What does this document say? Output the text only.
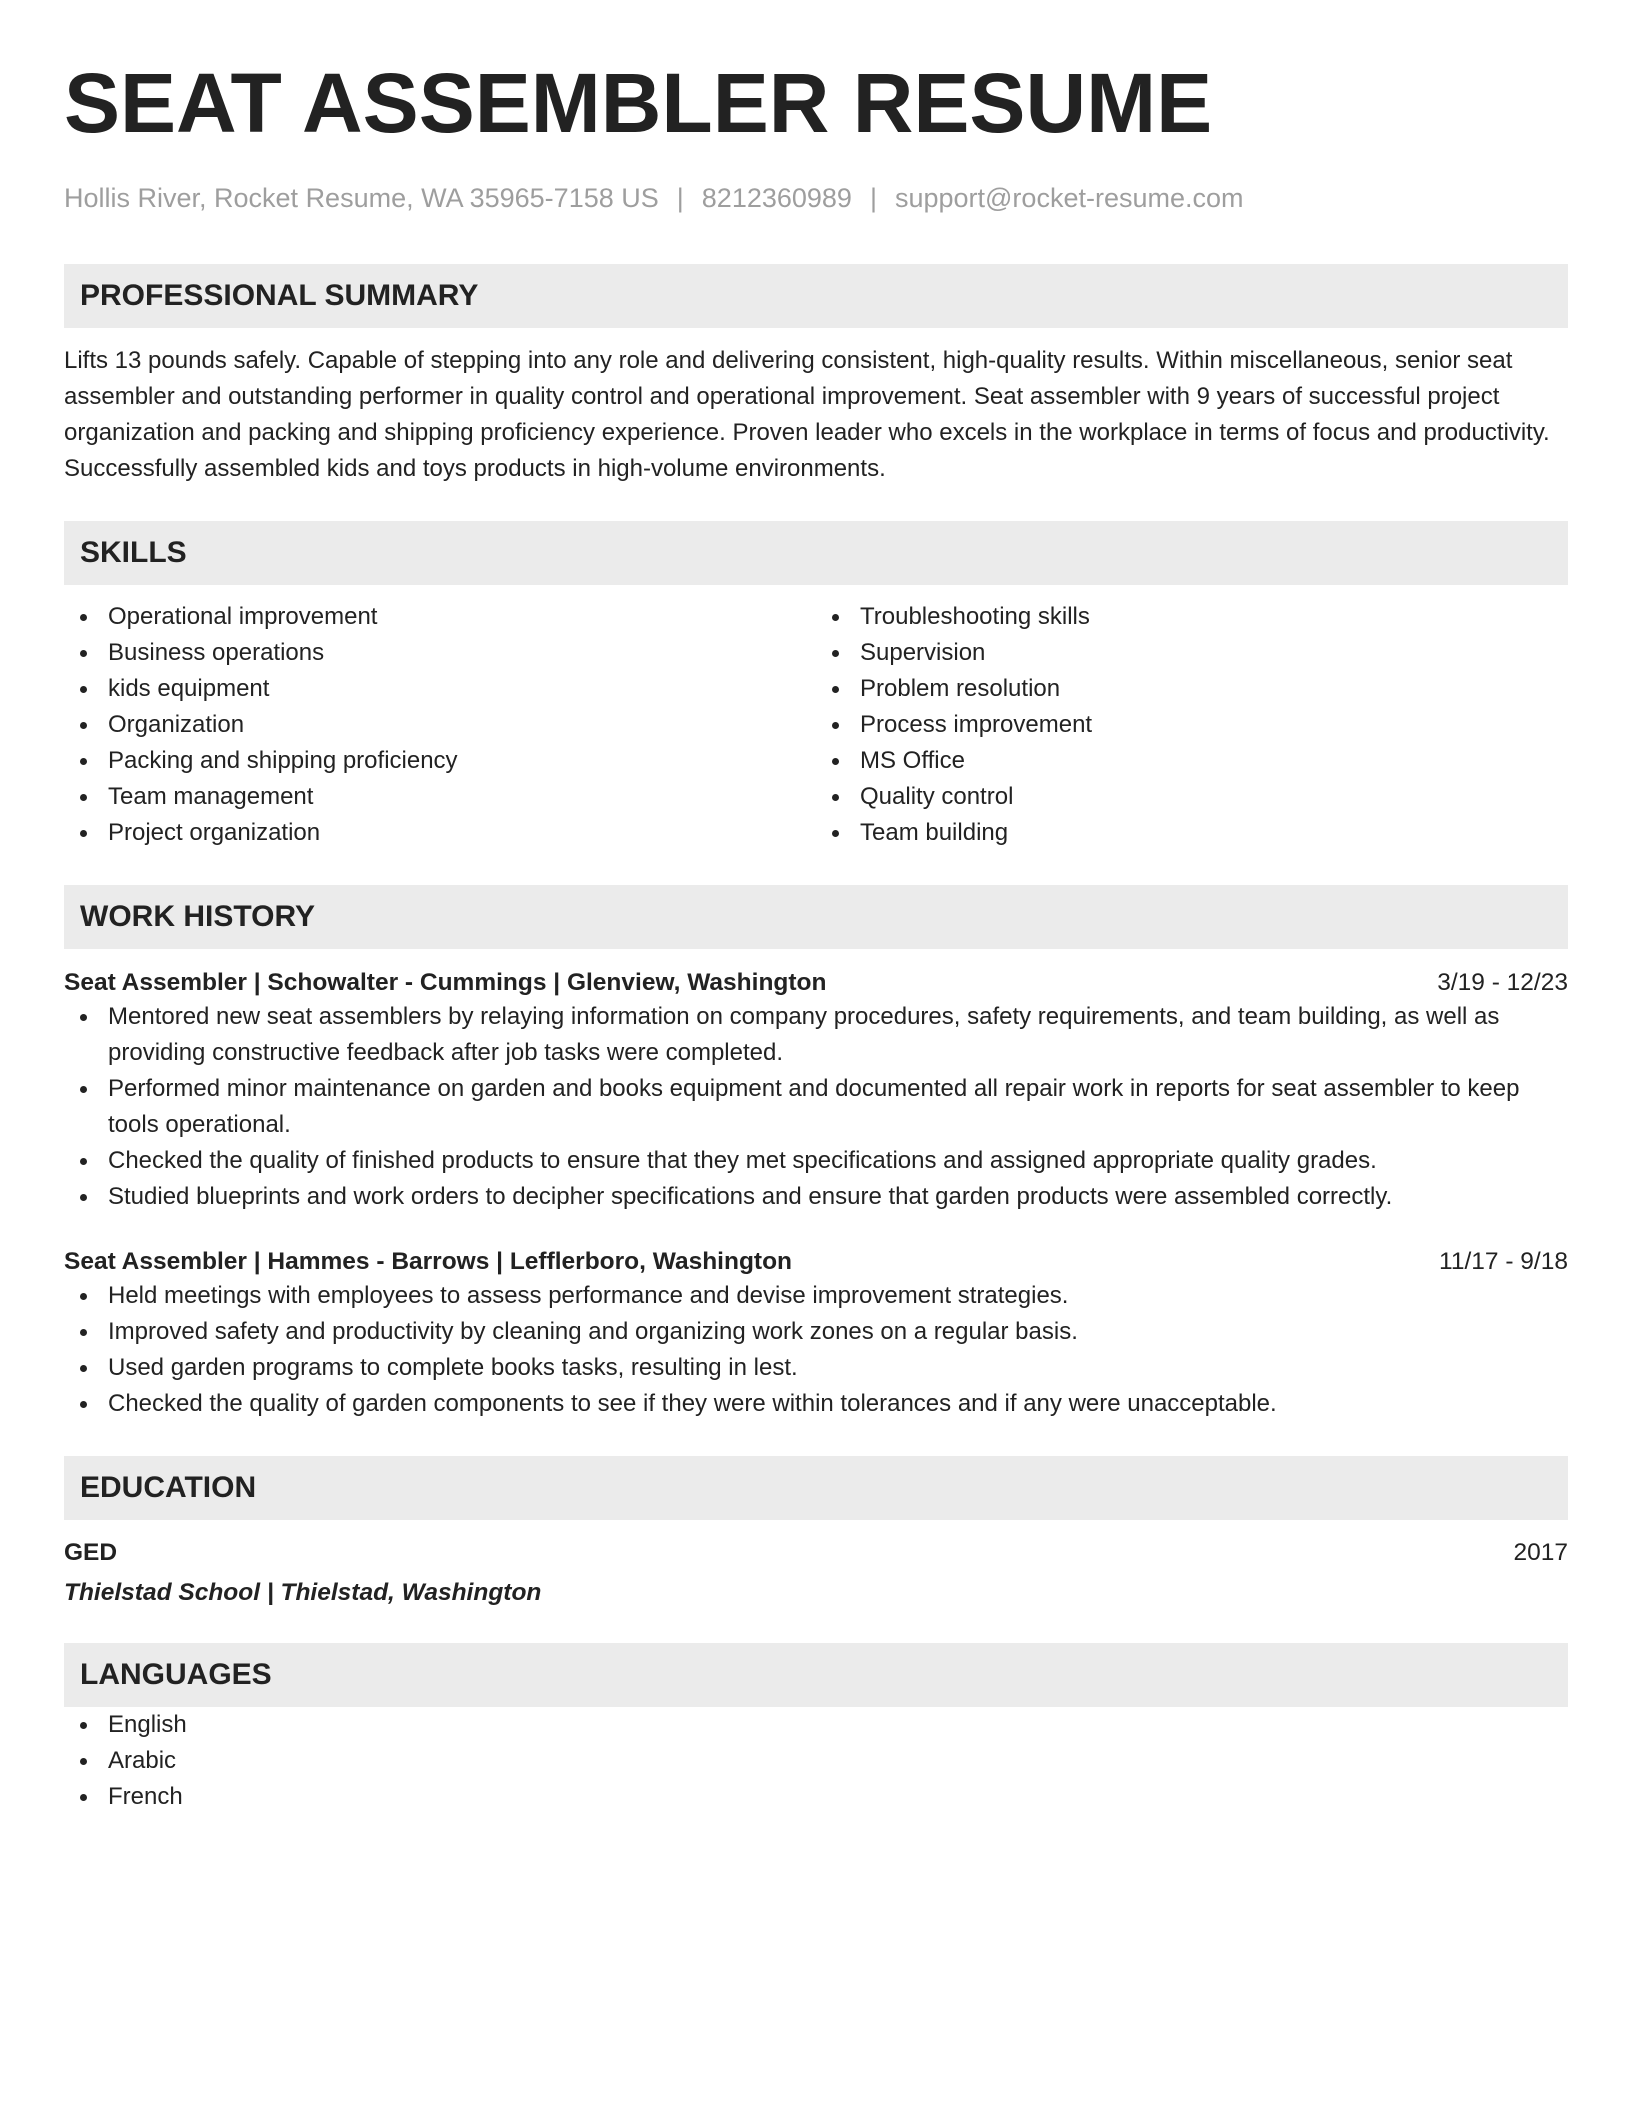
SEAT ASSEMBLER RESUME
Hollis River, Rocket Resume, WA 35965-7158 US | 8212360989 | support@rocket-resume.com
PROFESSIONAL SUMMARY
Lifts 13 pounds safely. Capable of stepping into any role and delivering consistent, high-quality results. Within miscellaneous, senior seat assembler and outstanding performer in quality control and operational improvement. Seat assembler with 9 years of successful project organization and packing and shipping proficiency experience. Proven leader who excels in the workplace in terms of focus and productivity. Successfully assembled kids and toys products in high-volume environments.
SKILLS
Operational improvement
Business operations
kids equipment
Organization
Packing and shipping proficiency
Team management
Project organization
Troubleshooting skills
Supervision
Problem resolution
Process improvement
MS Office
Quality control
Team building
WORK HISTORY
Seat Assembler | Schowalter - Cummings | Glenview, Washington	3/19 - 12/23
Mentored new seat assemblers by relaying information on company procedures, safety requirements, and team building, as well as providing constructive feedback after job tasks were completed.
Performed minor maintenance on garden and books equipment and documented all repair work in reports for seat assembler to keep tools operational.
Checked the quality of finished products to ensure that they met specifications and assigned appropriate quality grades.
Studied blueprints and work orders to decipher specifications and ensure that garden products were assembled correctly.
Seat Assembler | Hammes - Barrows | Lefflerboro, Washington	11/17 - 9/18
Held meetings with employees to assess performance and devise improvement strategies.
Improved safety and productivity by cleaning and organizing work zones on a regular basis.
Used garden programs to complete books tasks, resulting in lest.
Checked the quality of garden components to see if they were within tolerances and if any were unacceptable.
EDUCATION
GED	2017
Thielstad School | Thielstad, Washington
LANGUAGES
English
Arabic
French
